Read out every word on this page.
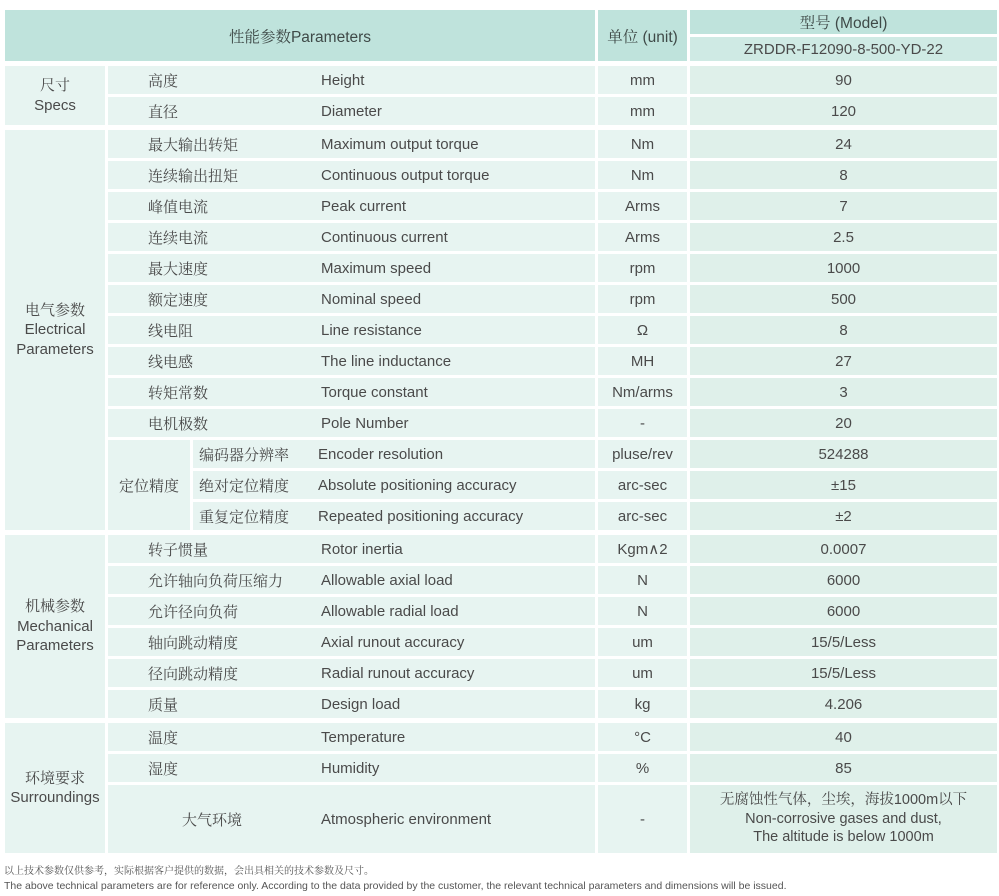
性能参数Parameters			单位 (unit)	型号 (Model)
				ZRDDR-F12090-8-500-YD-22

尺寸
Specs	高度 Height		mm	90

	直径 Diameter		mm	120

电气参数
Electrical Parameters	最大输出转矩 Maximum output torque		Nm	24

	连续输出扭矩 Continuous output torque		Nm	8

	峰值电流 Peak current		Arms	7

	连续电流 Continuous current		Arms	2.5

	最大速度 Maximum speed		rpm	1000

	额定速度 Nominal speed		rpm	500

	线电阻 Line resistance		Ω	8

	线电感 The line inductance		MH	27

	转矩常数 Torque constant		Nm/arms	3

	电机极数 Pole Number		-	20
	定位精度	编码器分辨率 Encoder resolution	pluse/rev	524288

		绝对定位精度 Absolute positioning accuracy	arc-sec	±15

		重复定位精度 Repeated positioning accuracy	arc-sec	±2

机械参数
Mechanical Parameters	转子惯量 Rotor inertia		Kgm∧2	0.0007

	允许轴向负荷压缩力 Allowable axial load		N	6000

	允许径向负荷 Allowable radial load		N	6000

	轴向跳动精度 Axial runout accuracy		um	15/5/Less

	径向跳动精度 Radial runout accuracy		um	15/5/Less

	质量 Design load		kg	4.206

环境要求
Surroundings	温度 Temperature		°C	40

	湿度 Humidity		%	85

	大气环境 Atmospheric environment		-	无腐蚀性气体，尘埃，海拔1000m以下
Non-corrosive gases and dust,
The altitude is below 1000m
以上技术参数仅供参考，实际根据客户提供的数据，会出具相关的技术参数及尺寸。
The above technical parameters are for reference only. According to the data provided by the customer, the relevant technical parameters and dimensions will be issued.
